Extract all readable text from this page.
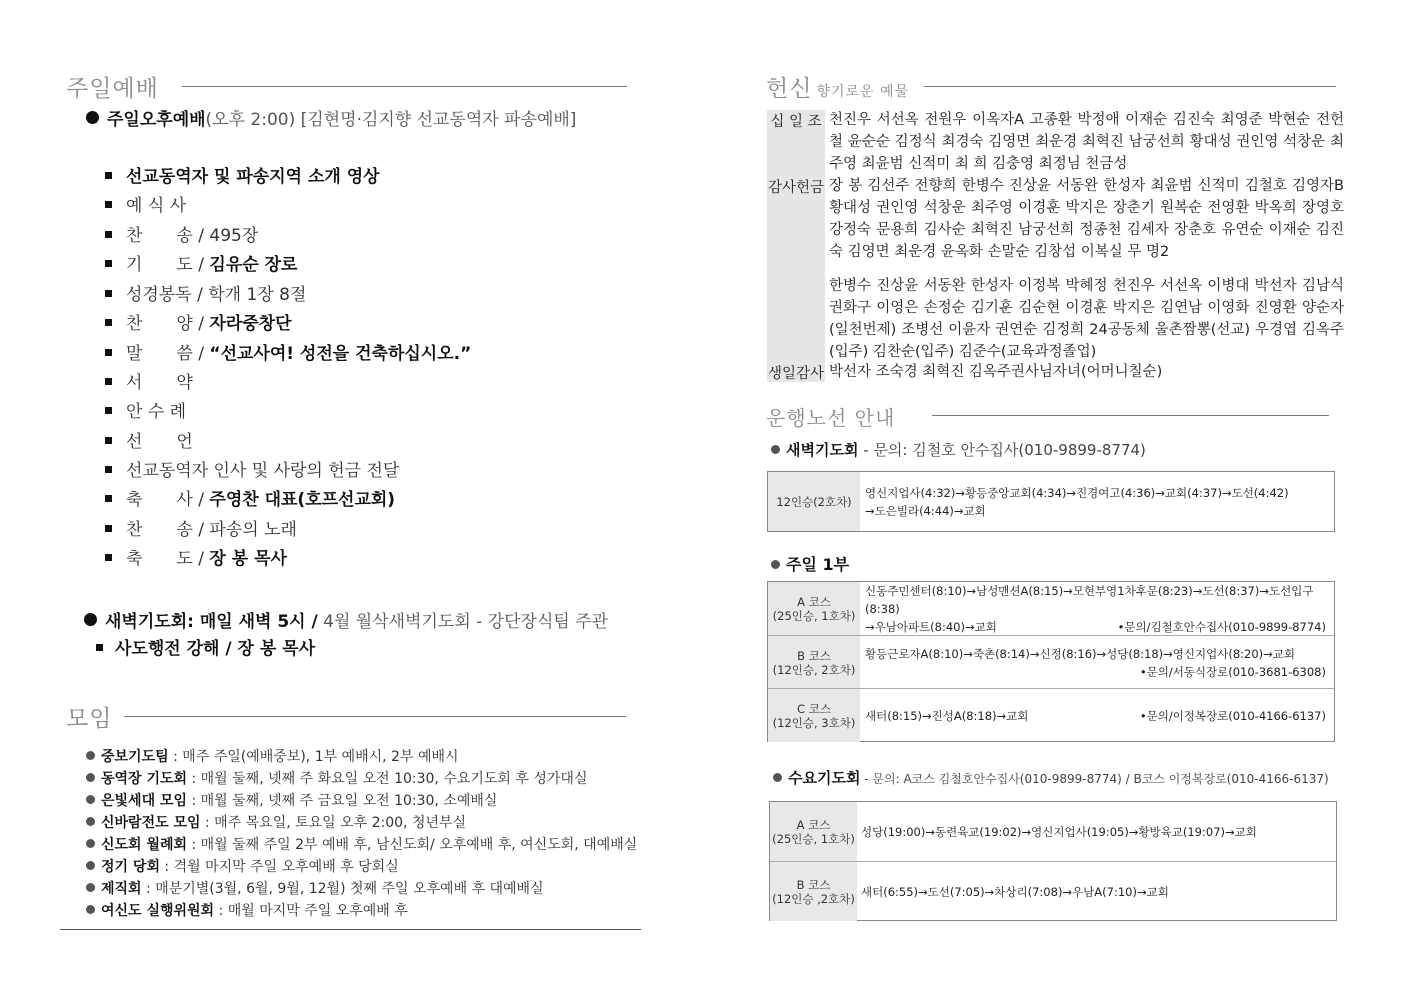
주일예배
주일오후예배(오후 2:00) [김현명·김지향 선교동역자 파송예배]
선교동역자 및 파송지역 소개 영상
예 식 사
찬　　송 / 495장
기　　도 / 김유순 장로
성경봉독 / 학개 1장 8절
찬　　양 / 자라중창단
말　　씀 / “선교사여! 성전을 건축하십시오.”
서　　약
안 수 례
선　　언
선교동역자 인사 및 사랑의 헌금 전달
축　　사 / 주영찬 대표(호프선교회)
찬　　송 / 파송의 노래
축　　도 / 장 봉 목사
새벽기도회: 매일 새벽 5시 / 4월 월삭새벽기도회 - 강단장식팀 주관
사도행전 강해 / 장 봉 목사
모임
중보기도팀 : 매주 주일(예배중보), 1부 예배시, 2부 예배시
동역장 기도회 : 매월 둘째, 넷째 주 화요일 오전 10:30, 수요기도회 후 성가대실
은빛세대 모임 : 매월 둘째, 넷째 주 금요일 오전 10:30, 소예배실
신바람전도 모임 : 매주 목요일, 토요일 오후 2:00, 청년부실
신도회 월례회 : 매월 둘째 주일 2부 예배 후, 남신도회/ 오후예배 후, 여신도회, 대예배실
정기 당회 : 격월 마지막 주일 오후예배 후 당회실
제직회 : 매분기별(3월, 6월, 9월, 12월) 첫째 주일 오후예배 후 대예배실
여신도 실행위원회 : 매월 마지막 주일 오후예배 후
헌신 향기로운 예물
십 일 조 천진우 서선옥 전원우 이옥자A 고종환 박정애 이재순 김진숙 최영준 박현순 전헌철 윤순순 김정식 최경숙 김영면 최운경 최혁진 남궁선희 황대성 권인영 석창운 최주영 최윤범 신적미 최 희 김충영 최정님 천금성
감사헌금 장 봉 김선주 전향희 한병수 진상윤 서동완 한성자 최윤범 신적미 김철호 김영자B 황대성 권인영 석창운 최주영 이경훈 박지은 장춘기 원복순 전영환 박옥희 장영호 강정숙 문용희 김사순 최혁진 남궁선희 정종천 김세자 장춘호 유연순 이재순 김진숙 김영면 최운경 윤옥화 손말순 김창섭 이복실 무 명2
한병수 진상윤 서동완 한성자 이정복 박혜정 천진우 서선옥 이병대 박선자 김남식 권화구 이영은 손정순 김기훈 김순현 이경훈 박지은 김연남 이영화 진영환 양순자(일천번제) 조병선 이윤자 권연순 김정희 24공동체 울촌짬뽕(선교) 우경엽 김옥주(입주) 김찬순(입주) 김준수(교육과정졸업)
생일감사 박선자 조숙경 최혁진 김옥주권사님자녀(어머니칠순)
운행노선 안내
새벽기도회 - 문의: 김철호 안수집사(010-9899-8774)
12인승(2호차)
영신지업사(4:32)→황등중앙교회(4:34)→진경여고(4:36)→교회(4:37)→도선(4:42)
→도은빌라(4:44)→교회
주일 1부
A 코스
(25인승, 1호차)
신동주민센터(8:10)→남성맨션A(8:15)→모현부영1차후문(8:23)→도선(8:37)→도선입구(8:38)
→우남아파트(8:40)→교회	•문의/김철호안수집사(010-9899-8774)
B 코스
(12인승, 2호차)
황등근로자A(8:10)→죽촌(8:14)→신정(8:16)→성당(8:18)→영신지업사(8:20)→교회
•문의/서동식장로(010-3681-6308)
C 코스
(12인승, 3호차) 새터(8:15)→진성A(8:18)→교회	•문의/이정복장로(010-4166-6137)
수요기도회 - 문의: A코스 김철호안수집사(010-9899-8774) / B코스 이정복장로(010-4166-6137)
A 코스
(25인승, 1호차) 성당(19:00)→동련육교(19:02)→영신지업사(19:05)→황방육교(19:07)→교회
B 코스
(12인승 ,2호차) 새터(6:55)→도선(7:05)→차상리(7:08)→우남A(7:10)→교회
